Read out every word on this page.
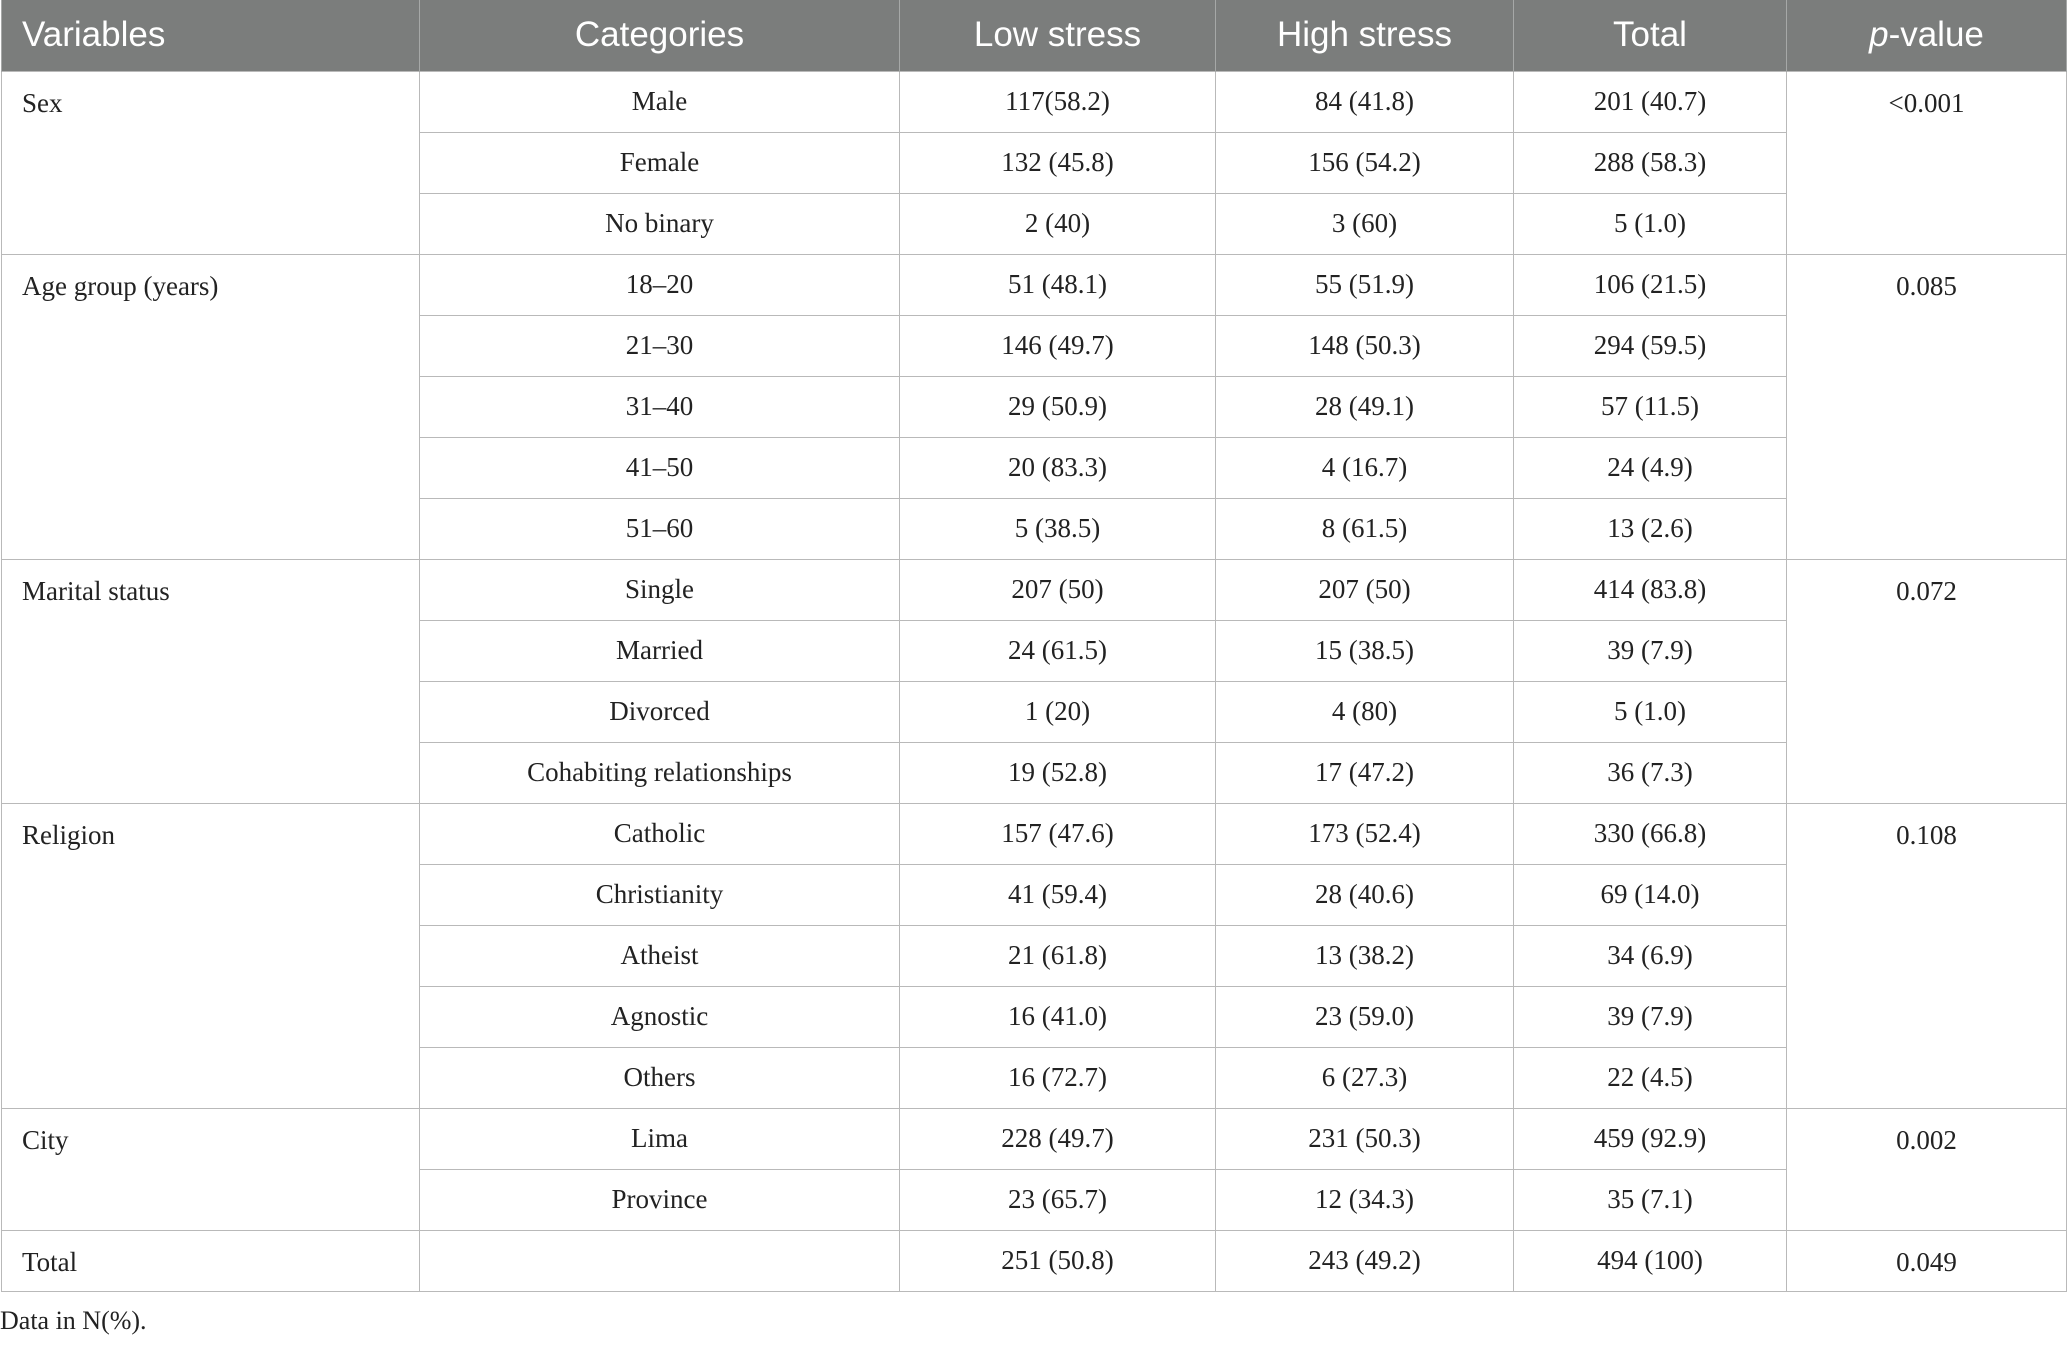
Variables	Categories	Low stress	High stress	Total	p-value
Sex	Male	117(58.2)	84 (41.8)	201 (40.7)	<0.001
	Female	132 (45.8)	156 (54.2)	288 (58.3)	
	No binary	2 (40)	3 (60)	5 (1.0)	
Age group (years)	18–20	51 (48.1)	55 (51.9)	106 (21.5)	0.085
	21–30	146 (49.7)	148 (50.3)	294 (59.5)	
	31–40	29 (50.9)	28 (49.1)	57 (11.5)	
	41–50	20 (83.3)	4 (16.7)	24 (4.9)	
	51–60	5 (38.5)	8 (61.5)	13 (2.6)	
Marital status	Single	207 (50)	207 (50)	414 (83.8)	0.072
	Married	24 (61.5)	15 (38.5)	39 (7.9)	
	Divorced	1 (20)	4 (80)	5 (1.0)	
	Cohabiting relationships	19 (52.8)	17 (47.2)	36 (7.3)	
Religion	Catholic	157 (47.6)	173 (52.4)	330 (66.8)	0.108
	Christianity	41 (59.4)	28 (40.6)	69 (14.0)	
	Atheist	21 (61.8)	13 (38.2)	34 (6.9)	
	Agnostic	16 (41.0)	23 (59.0)	39 (7.9)	
	Others	16 (72.7)	6 (27.3)	22 (4.5)	
City	Lima	228 (49.7)	231 (50.3)	459 (92.9)	0.002
	Province	23 (65.7)	12 (34.3)	35 (7.1)	
Total		251 (50.8)	243 (49.2)	494 (100)	0.049
Data in N(%).
